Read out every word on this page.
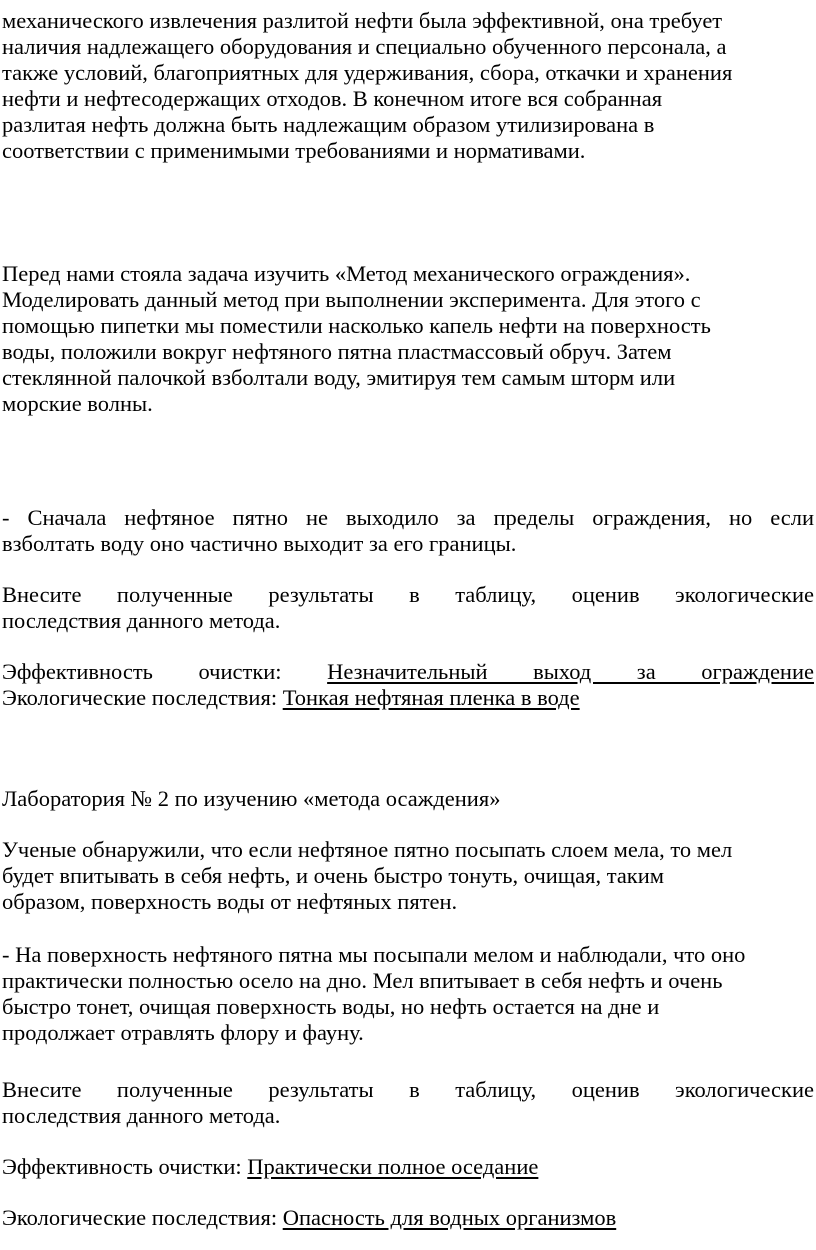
механического извлечения разлитой нефти была эффективной, она требует
наличия надлежащего оборудования и специально обученного персонала, а
также условий, благоприятных для удерживания, сбора, откачки и хранения
нефти и нефтесодержащих отходов. В конечном итоге вся собранная
разлитая нефть должна быть надлежащим образом утилизирована в
соответствии с применимыми требованиями и нормативами.
Перед нами стояла задача изучить «Метод механического ограждения».
Моделировать данный метод при выполнении эксперимента. Для этого с
помощью пипетки мы поместили насколько капель нефти на поверхность
воды, положили вокруг нефтяного пятна пластмассовый обруч. Затем
стеклянной палочкой взболтали воду, эмитируя тем самым шторм или
морские волны.
- Сначала нефтяное пятно не выходило за пределы ограждения, но если
взболтать воду оно частично выходит за его границы.
Внесите полученные результаты в таблицу, оценив экологические
последствия данного метода.
Эффективность очистки: Незначительный выход за ограждение
Экологические последствия: Тонкая нефтяная пленка в воде
Лаборатория № 2 по изучению «метода осаждения»
Ученые обнаружили, что если нефтяное пятно посыпать слоем мела, то мел
будет впитывать в себя нефть, и очень быстро тонуть, очищая, таким
образом, поверхность воды от нефтяных пятен.
- На поверхность нефтяного пятна мы посыпали мелом и наблюдали, что оно
практически полностью осело на дно. Мел впитывает в себя нефть и очень
быстро тонет, очищая поверхность воды, но нефть остается на дне и
продолжает отравлять флору и фауну.
Внесите полученные результаты в таблицу, оценив экологические
последствия данного метода.
Эффективность очистки: Практически полное оседание
Экологические последствия: Опасность для водных организмов
